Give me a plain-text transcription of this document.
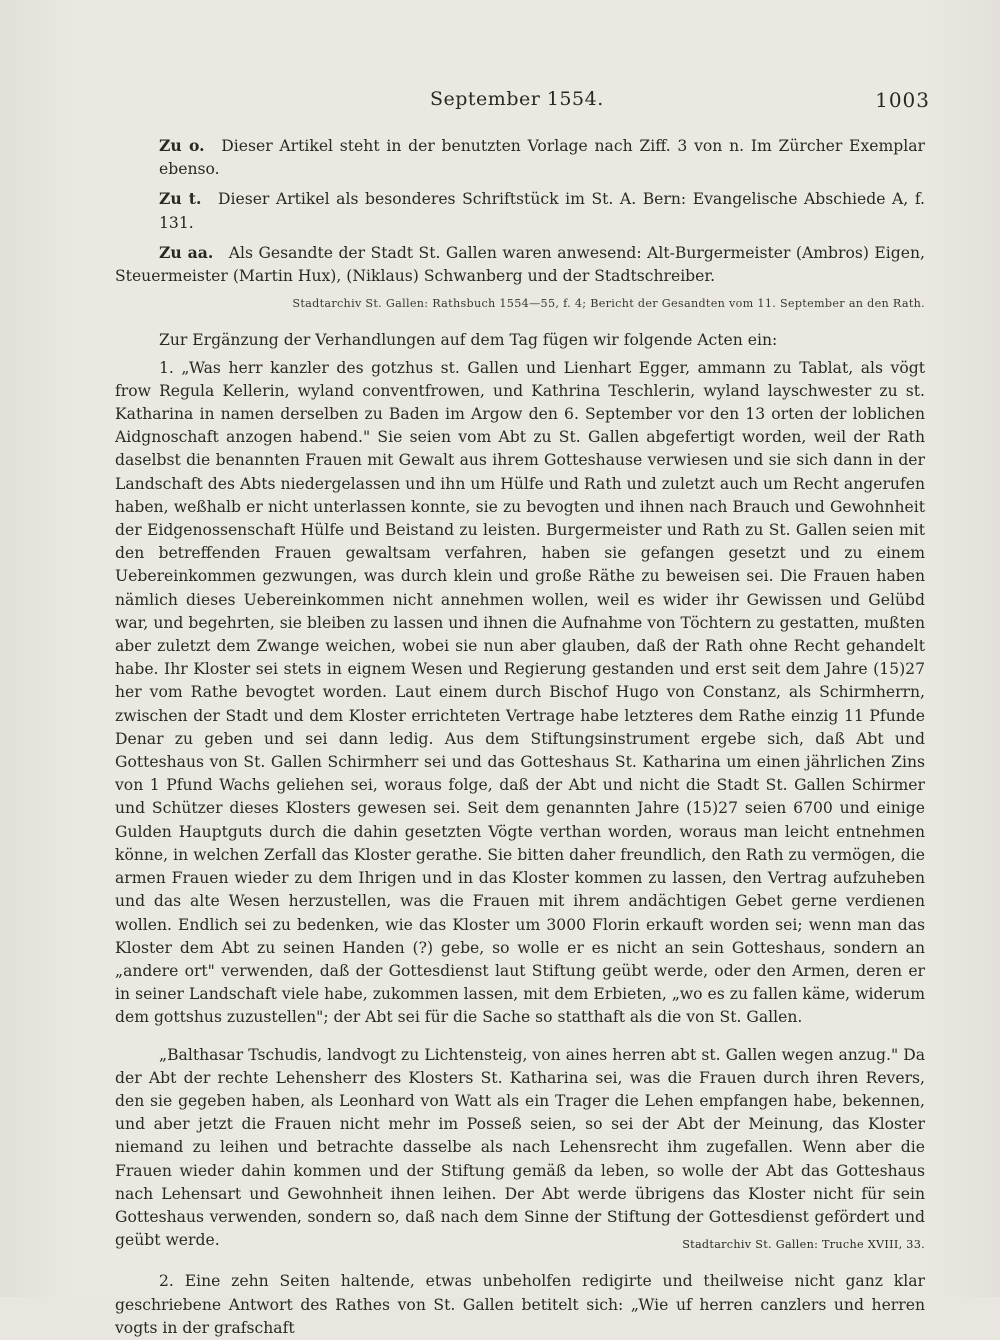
September 1554.	1003

Zu o. Dieser Artikel steht in der benutzten Vorlage nach Ziff. 3 von n. Im Zürcher Exemplar ebenso.

Zu t. Dieser Artikel als besonderes Schriftstück im St. A. Bern: Evangelische Abschiede A, f. 131.

Zu aa. Als Gesandte der Stadt St. Gallen waren anwesend: Alt-Burgermeister (Ambros) Eigen, Steuermeister (Martin Hux), (Niklaus) Schwanberg und der Stadtschreiber.

Stadtarchiv St. Gallen: Rathsbuch 1554—55, f. 4; Bericht der Gesandten vom 11. September an den Rath.

Zur Ergänzung der Verhandlungen auf dem Tag fügen wir folgende Acten ein:

1. „Was herr kanzler des gotzhus st. Gallen und Lienhart Egger, ammann zu Tablat, als vögt frow Regula Kellerin, wyland conventfrowen, und Kathrina Teschlerin, wyland layschwester zu st. Katharina in namen derselben zu Baden im Argow den 6. September vor den 13 orten der loblichen Aidgnoschaft anzogen habend." Sie seien vom Abt zu St. Gallen abgefertigt worden, weil der Rath daselbst die benannten Frauen mit Gewalt aus ihrem Gotteshause verwiesen und sie sich dann in der Landschaft des Abts niedergelassen und ihn um Hülfe und Rath und zuletzt auch um Recht angerufen haben, weßhalb er nicht unterlassen konnte, sie zu bevogten und ihnen nach Brauch und Gewohnheit der Eidgenossenschaft Hülfe und Beistand zu leisten. Burgermeister und Rath zu St. Gallen seien mit den betreffenden Frauen gewaltsam verfahren, haben sie gefangen gesetzt und zu einem Uebereinkommen gezwungen, was durch klein und große Räthe zu beweisen sei. Die Frauen haben nämlich dieses Uebereinkommen nicht annehmen wollen, weil es wider ihr Gewissen und Gelübd war, und begehrten, sie bleiben zu lassen und ihnen die Aufnahme von Töchtern zu gestatten, mußten aber zuletzt dem Zwange weichen, wobei sie nun aber glauben, daß der Rath ohne Recht gehandelt habe. Ihr Kloster sei stets in eignem Wesen und Regierung gestanden und erst seit dem Jahre (15)27 her vom Rathe bevogtet worden. Laut einem durch Bischof Hugo von Constanz, als Schirmherrn, zwischen der Stadt und dem Kloster errichteten Vertrage habe letzteres dem Rathe einzig 11 Pfunde Denar zu geben und sei dann ledig. Aus dem Stiftungsinstrument ergebe sich, daß Abt und Gotteshaus von St. Gallen Schirmherr sei und das Gotteshaus St. Katharina um einen jährlichen Zins von 1 Pfund Wachs geliehen sei, woraus folge, daß der Abt und nicht die Stadt St. Gallen Schirmer und Schützer dieses Klosters gewesen sei. Seit dem genannten Jahre (15)27 seien 6700 und einige Gulden Hauptguts durch die dahin gesetzten Vögte verthan worden, woraus man leicht entnehmen könne, in welchen Zerfall das Kloster gerathe. Sie bitten daher freundlich, den Rath zu vermögen, die armen Frauen wieder zu dem Ihrigen und in das Kloster kommen zu lassen, den Vertrag aufzuheben und das alte Wesen herzustellen, was die Frauen mit ihrem andächtigen Gebet gerne verdienen wollen. Endlich sei zu bedenken, wie das Kloster um 3000 Florin erkauft worden sei; wenn man das Kloster dem Abt zu seinen Handen (?) gebe, so wolle er es nicht an sein Gotteshaus, sondern an „andere ort" verwenden, daß der Gottesdienst laut Stiftung geübt werde, oder den Armen, deren er in seiner Landschaft viele habe, zukommen lassen, mit dem Erbieten, „wo es zu fallen käme, widerum dem gottshus zuzustellen"; der Abt sei für die Sache so statthaft als die von St. Gallen.

„Balthasar Tschudis, landvogt zu Lichtensteig, von aines herren abt st. Gallen wegen anzug." Da der Abt der rechte Lehensherr des Klosters St. Katharina sei, was die Frauen durch ihren Revers, den sie gegeben haben, als Leonhard von Watt als ein Trager die Lehen empfangen habe, bekennen, und aber jetzt die Frauen nicht mehr im Posseß seien, so sei der Abt der Meinung, das Kloster niemand zu leihen und betrachte dasselbe als nach Lehensrecht ihm zugefallen. Wenn aber die Frauen wieder dahin kommen und der Stiftung gemäß da leben, so wolle der Abt das Gotteshaus nach Lehensart und Gewohnheit ihnen leihen. Der Abt werde übrigens das Kloster nicht für sein Gotteshaus verwenden, sondern so, daß nach dem Sinne der Stiftung der Gottesdienst gefördert und geübt werde.	Stadtarchiv St. Gallen: Truche XVIII, 33.

2. Eine zehn Seiten haltende, etwas unbeholfen redigirte und theilweise nicht ganz klar geschriebene Antwort des Rathes von St. Gallen betitelt sich: „Wie uf herren canzlers und herren vogts in der grafschaft
